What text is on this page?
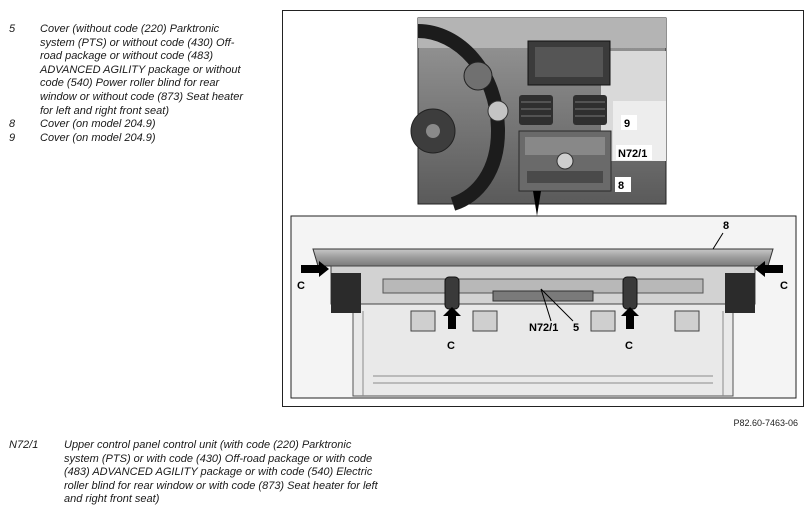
5	Cover (without code (220) Parktronic system (PTS) or without code (430) Off-road package or without code (483) ADVANCED AGILITY package or without code (540) Power roller blind for rear window or without code (873) Seat heater for left and right front seat)
8	Cover (on model 204.9)
9	Cover (on model 204.9)
9
N72/1
8
8
C	C
C	C
N72/1 5
P82.60-7463-06
N72/1	Upper control panel control unit (with code (220) Parktronic system (PTS) or with code (430) Off-road package or with code (483) ADVANCED AGILITY package or with code (540) Electric roller blind for rear window or with code (873) Seat heater for left and right front seat)
